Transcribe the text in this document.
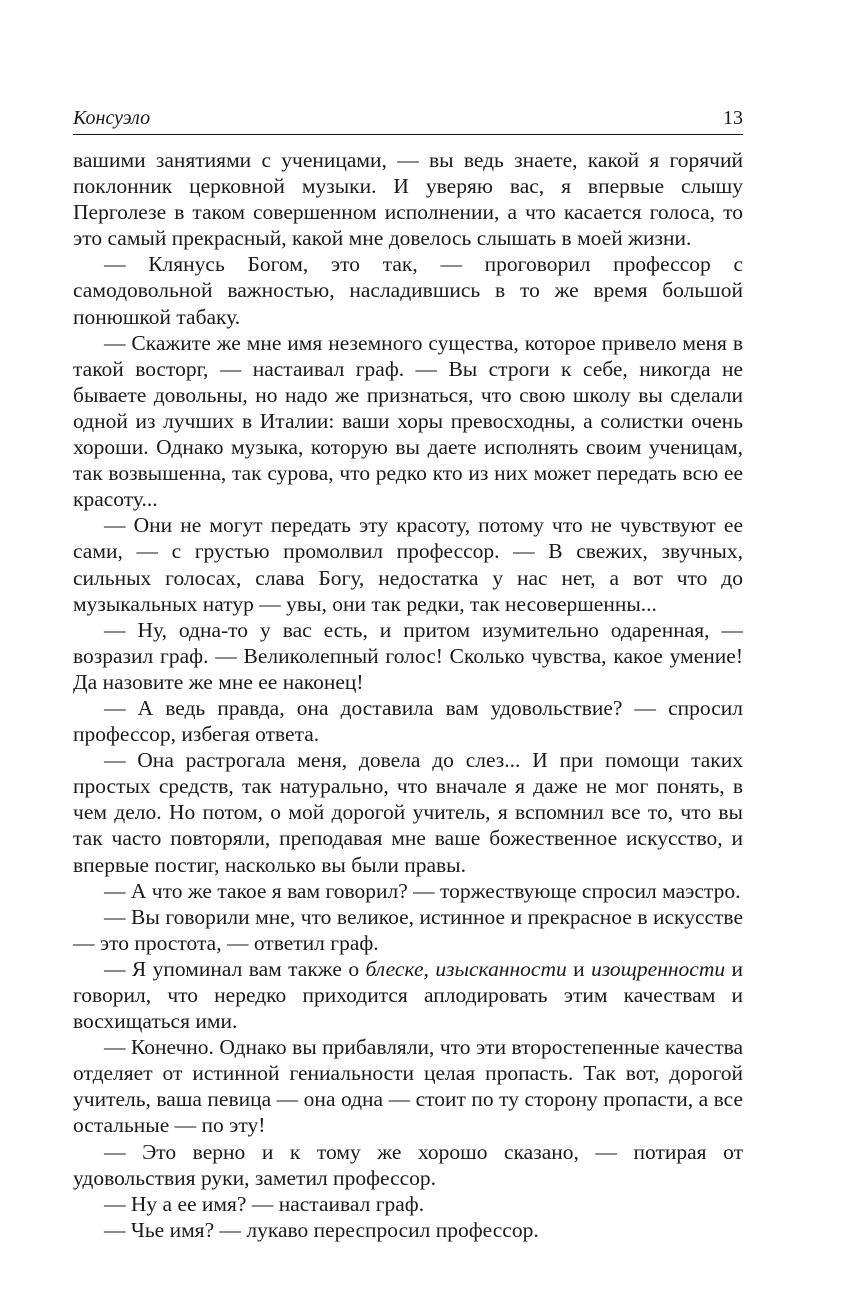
Консуэло	13

вашими занятиями с ученицами, — вы ведь знаете, какой я горячий поклонник церковной музыки. И уверяю вас, я впервые слышу Перголезе в таком совершенном исполнении, а что касается голоса, то это самый прекрасный, какой мне довелось слышать в моей жизни.

— Клянусь Богом, это так, — проговорил профессор с самодовольной важностью, насладившись в то же время большой понюшкой табаку.

— Скажите же мне имя неземного существа, которое привело меня в такой восторг, — настаивал граф. — Вы строги к себе, никогда не бываете довольны, но надо же признаться, что свою школу вы сделали одной из лучших в Италии: ваши хоры превосходны, а солистки очень хороши. Однако музыка, которую вы даете исполнять своим ученицам, так возвышенна, так сурова, что редко кто из них может передать всю ее красоту...

— Они не могут передать эту красоту, потому что не чувствуют ее сами, — с грустью промолвил профессор. — В свежих, звучных, сильных голосах, слава Богу, недостатка у нас нет, а вот что до музыкальных натур — увы, они так редки, так несовершенны...

— Ну, одна-то у вас есть, и притом изумительно одаренная, — возразил граф. — Великолепный голос! Сколько чувства, какое умение! Да назовите же мне ее наконец!

— А ведь правда, она доставила вам удовольствие? — спросил профессор, избегая ответа.

— Она растрогала меня, довела до слез... И при помощи таких простых средств, так натурально, что вначале я даже не мог понять, в чем дело. Но потом, о мой дорогой учитель, я вспомнил все то, что вы так часто повторяли, преподавая мне ваше божественное искусство, и впервые постиг, насколько вы были правы.

— А что же такое я вам говорил? — торжествующе спросил маэстро.

— Вы говорили мне, что великое, истинное и прекрасное в искусстве — это простота, — ответил граф.

— Я упоминал вам также о блеске, изысканности и изощренности и говорил, что нередко приходится аплодировать этим качествам и восхищаться ими.

— Конечно. Однако вы прибавляли, что эти второстепенные качества отделяет от истинной гениальности целая пропасть. Так вот, дорогой учитель, ваша певица — она одна — стоит по ту сторону пропасти, а все остальные — по эту!

— Это верно и к тому же хорошо сказано, — потирая от удовольствия руки, заметил профессор.

— Ну а ее имя? — настаивал граф.

— Чье имя? — лукаво переспросил профессор.
